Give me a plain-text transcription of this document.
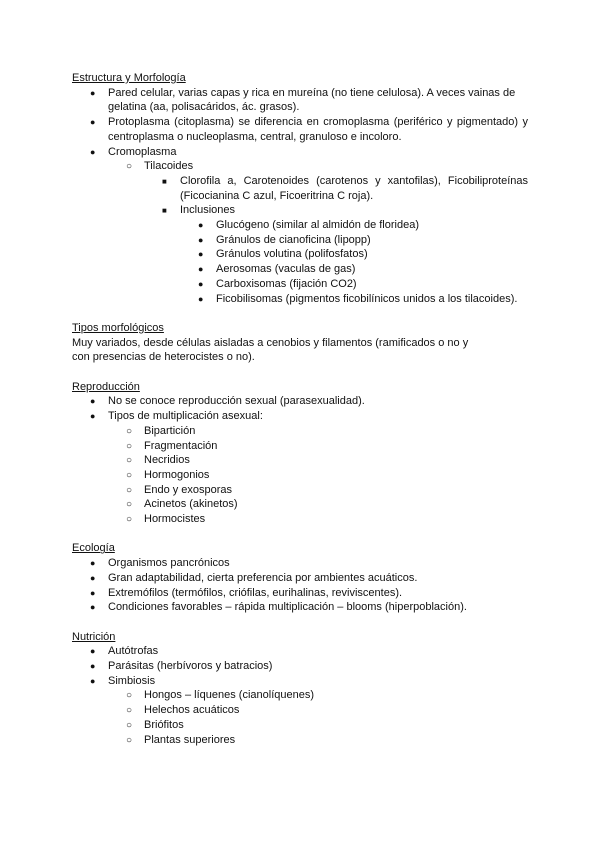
Estructura y Morfología

●
Pared celular, varias capas y rica en mureína (no tiene celulosa). A veces vainas de gelatina (aa, polisacáridos, ác. grasos).
●
Protoplasma (citoplasma) se diferencia en cromoplasma (periférico y pigmentado) y centroplasma o nucleoplasma, central, granuloso e incoloro.
●
Cromoplasma
○
Tilacoides
■
Clorofila a, Carotenoides (carotenos y xantofilas), Ficobiliproteínas (Ficocianina C azul, Ficoeritrina C roja).
■
Inclusiones
●
Glucógeno (similar al almidón de floridea)
●
Gránulos de cianoficina (lipopp)
●
Gránulos volutina (polifosfatos)
●
Aerosomas (vaculas de gas)
●
Carboxisomas (fijación CO2)
●
Ficobilisomas (pigmentos ficobilínicos unidos a los tilacoides).

Tipos morfológicos

Muy variados, desde células aisladas a cenobios y filamentos (ramificados o no y con presencias de heterocistes o no).

Reproducción

●
No se conoce reproducción sexual (parasexualidad).
●
Tipos de multiplicación asexual:
○
Bipartición
○
Fragmentación
○
Necridios
○
Hormogonios
○
Endo y exosporas
○
Acinetos (akinetos)
○
Hormocistes

Ecología

●
Organismos pancrónicos
●
Gran adaptabilidad, cierta preferencia por ambientes acuáticos.
●
Extremófilos (termófilos, criófilas, eurihalinas, reviviscentes).
●
Condiciones favorables – rápida multiplicación – blooms (hiperpoblación).

Nutrición

●
Autótrofas
●
Parásitas (herbívoros y batracios)
●
Simbiosis
○
Hongos – líquenes (cianolíquenes)
○
Helechos acuáticos
○
Briófitos
○
Plantas superiores
